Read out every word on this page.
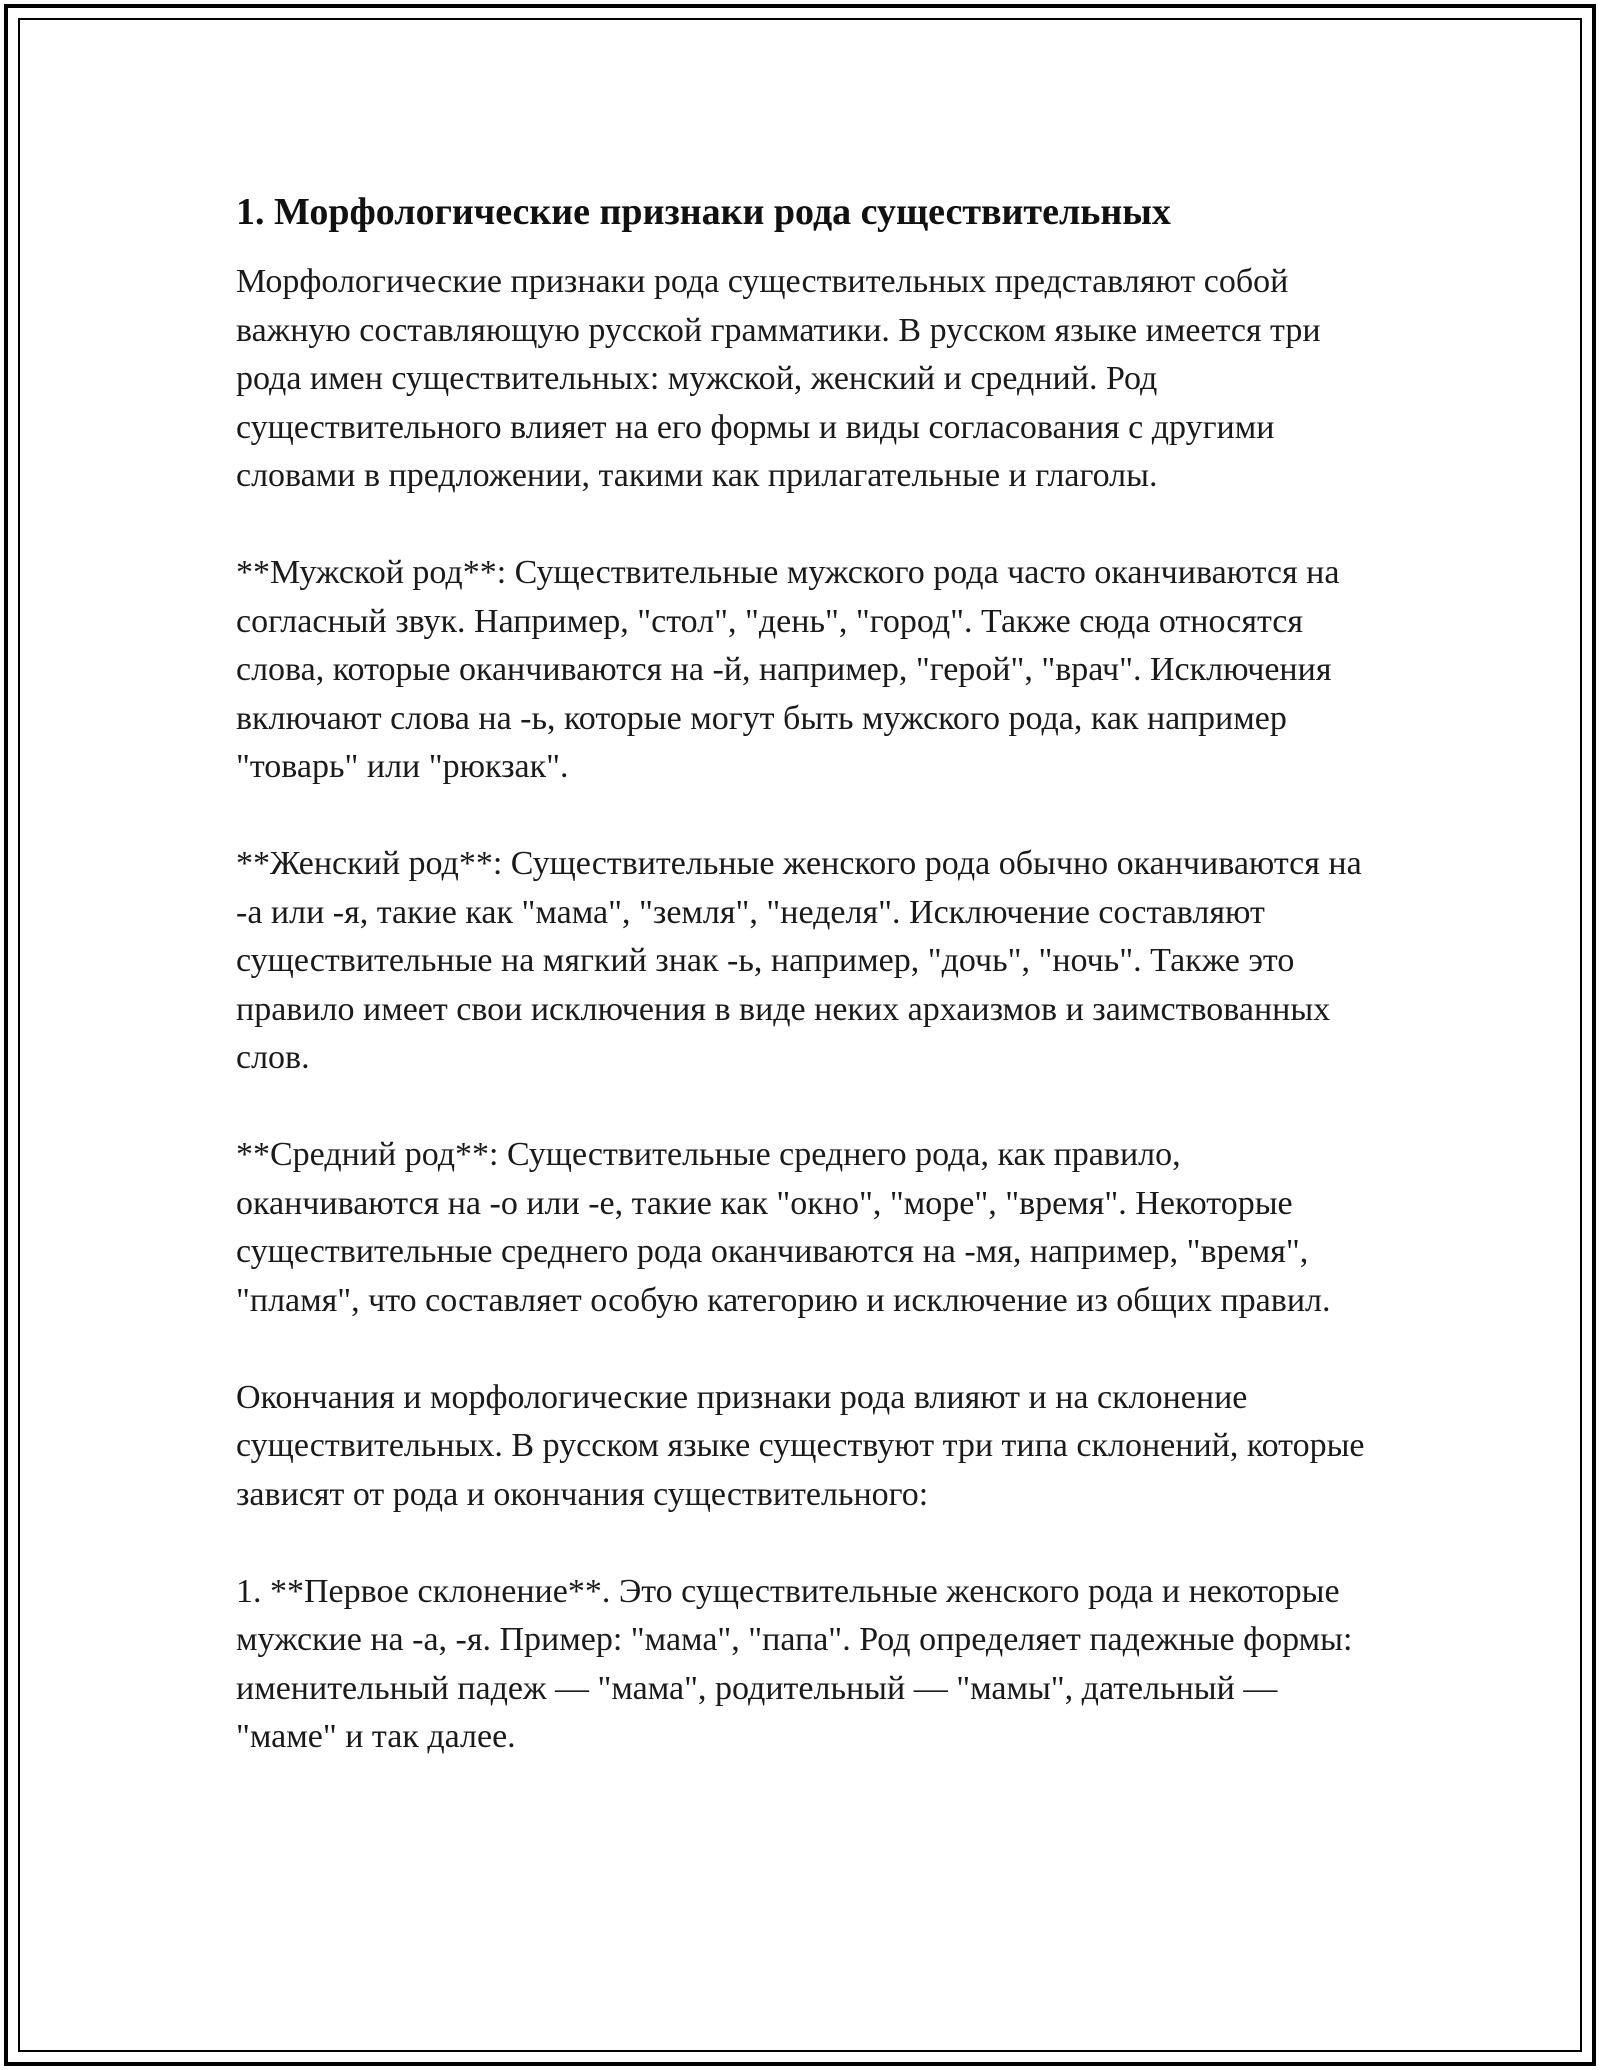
1. Морфологические признаки рода существительных

Морфологические признаки рода существительных представляют собой важную составляющую русской грамматики. В русском языке имеется три рода имен существительных: мужской, женский и средний. Род существительного влияет на его формы и виды согласования с другими словами в предложении, такими как прилагательные и глаголы.

**Мужской род**: Существительные мужского рода часто оканчиваются на согласный звук. Например, "стол", "день", "город". Также сюда относятся слова, которые оканчиваются на -й, например, "герой", "врач". Исключения включают слова на -ь, которые могут быть мужского рода, как например "товарь" или "рюкзак".

**Женский род**: Существительные женского рода обычно оканчиваются на -а или -я, такие как "мама", "земля", "неделя". Исключение составляют существительные на мягкий знак -ь, например, "дочь", "ночь". Также это правило имеет свои исключения в виде неких архаизмов и заимствованных слов.

**Средний род**: Существительные среднего рода, как правило, оканчиваются на -о или -е, такие как "окно", "море", "время". Некоторые существительные среднего рода оканчиваются на -мя, например, "время", "пламя", что составляет особую категорию и исключение из общих правил.

Окончания и морфологические признаки рода влияют и на склонение существительных. В русском языке существуют три типа склонений, которые зависят от рода и окончания существительного:

1. **Первое склонение**. Это существительные женского рода и некоторые мужские на -а, -я. Пример: "мама", "папа". Род определяет падежные формы: именительный падеж — "мама", родительный — "мамы", дательный — "маме" и так далее.
